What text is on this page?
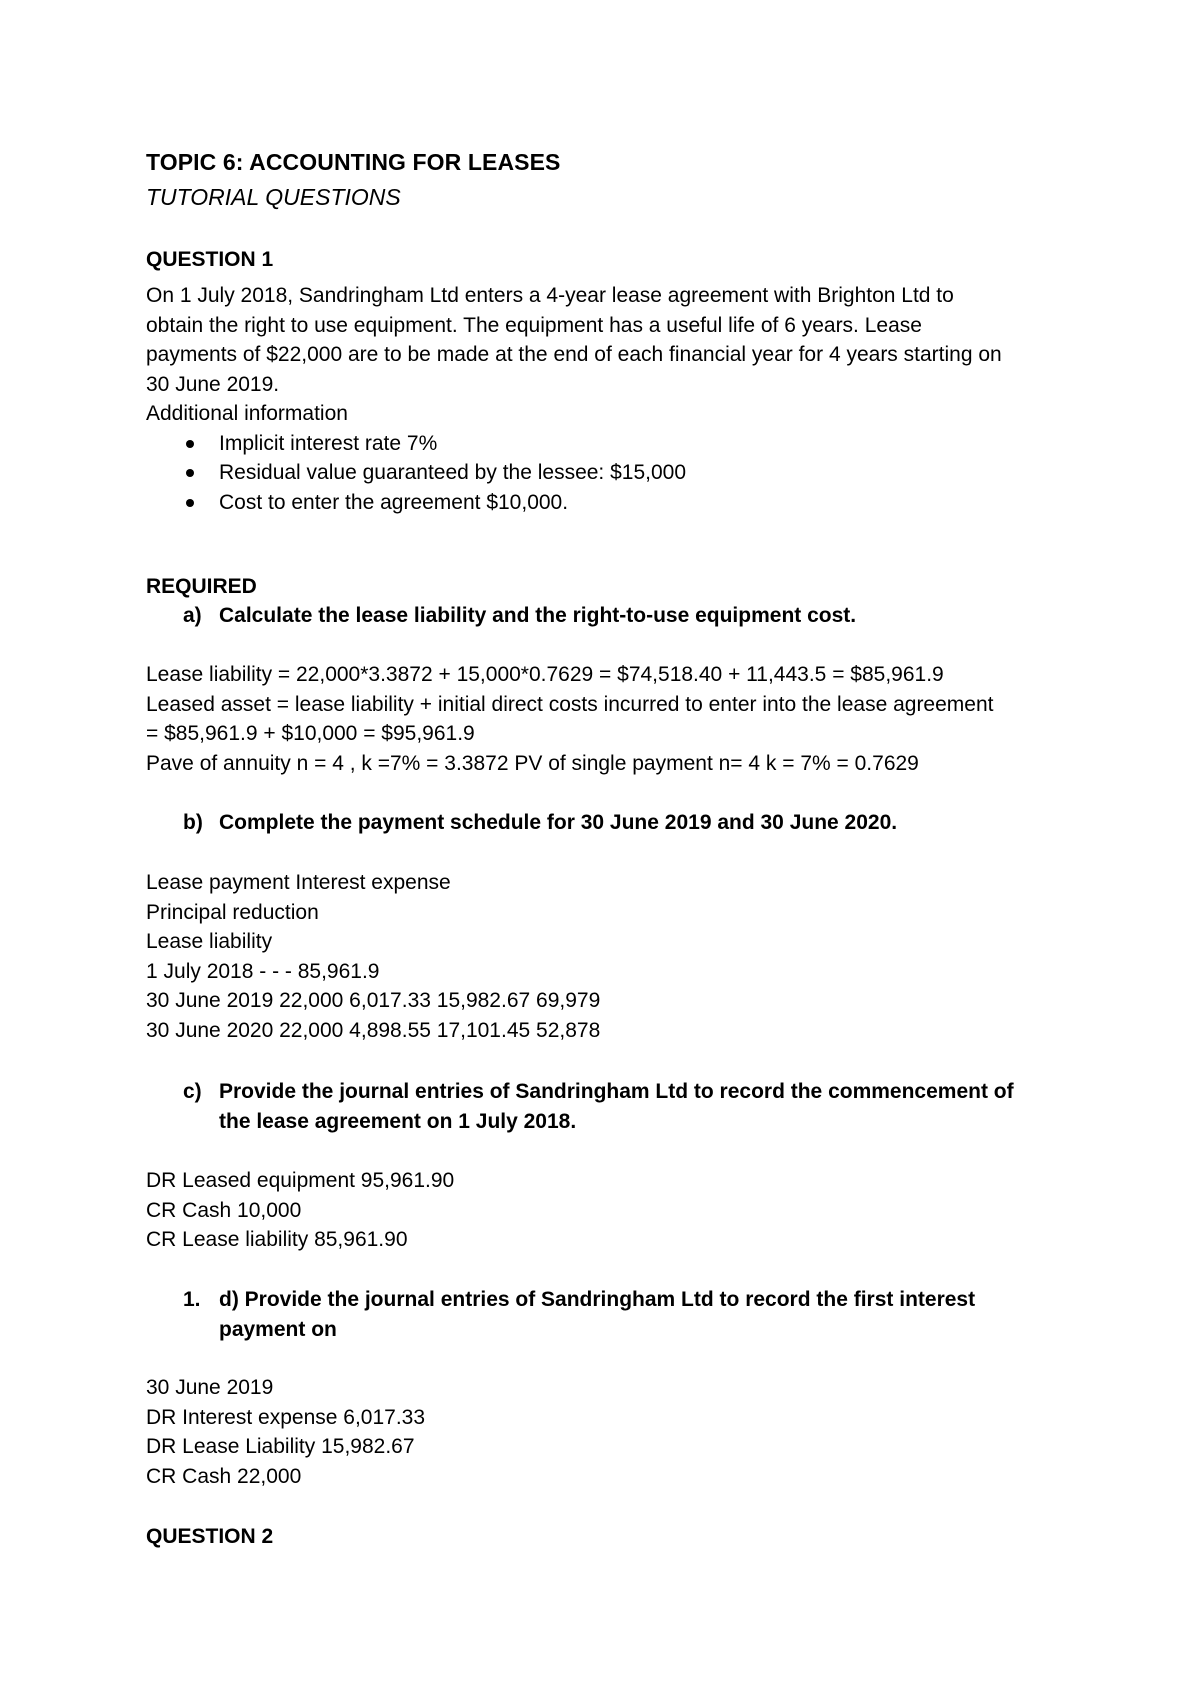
TOPIC 6: ACCOUNTING FOR LEASES
TUTORIAL QUESTIONS
QUESTION 1
On 1 July 2018, Sandringham Ltd enters a 4-year lease agreement with Brighton Ltd to
obtain the right to use equipment. The equipment has a useful life of 6 years. Lease
payments of $22,000 are to be made at the end of each financial year for 4 years starting on
30 June 2019.
Additional information
Implicit interest rate 7%
Residual value guaranteed by the lessee: $15,000
Cost to enter the agreement $10,000.
REQUIRED
a) Calculate the lease liability and the right-to-use equipment cost.
Lease liability = 22,000*3.3872 + 15,000*0.7629 = $74,518.40 + 11,443.5 = $85,961.9
Leased asset = lease liability + initial direct costs incurred to enter into the lease agreement
= $85,961.9 + $10,000 = $95,961.9
Pave of annuity n = 4 , k =7% = 3.3872 PV of single payment n= 4 k = 7% = 0.7629
b) Complete the payment schedule for 30 June 2019 and 30 June 2020.
Lease payment Interest expense
Principal reduction
Lease liability
1 July 2018 - - - 85,961.9
30 June 2019 22,000 6,017.33 15,982.67 69,979
30 June 2020 22,000 4,898.55 17,101.45 52,878
c) Provide the journal entries of Sandringham Ltd to record the commencement of
the lease agreement on 1 July 2018.
DR Leased equipment 95,961.90
CR Cash 10,000
CR Lease liability 85,961.90
1. d) Provide the journal entries of Sandringham Ltd to record the first interest
payment on
30 June 2019
DR Interest expense 6,017.33
DR Lease Liability 15,982.67
CR Cash 22,000
QUESTION 2
